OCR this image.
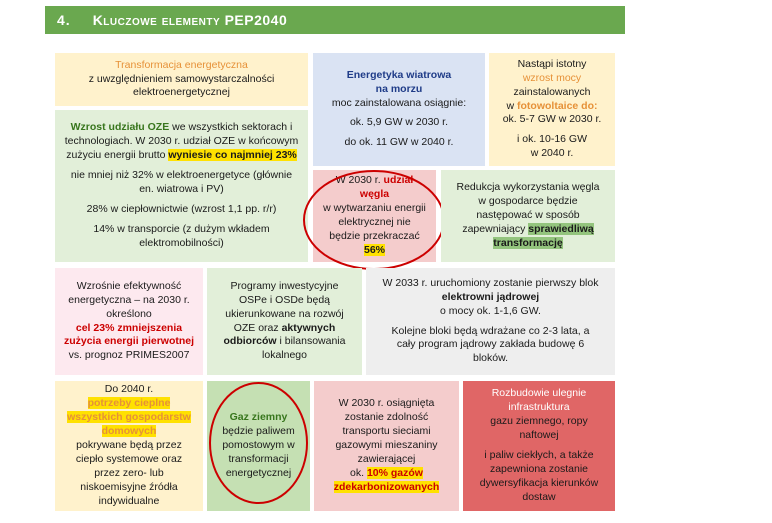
4. Kluczowe elementy PEP2040

Transformacja energetyczna

z uwzględnieniem samowystarczalności elektroenergetycznej

Energetyka wiatrowa

na morzu

moc zainstalowana osiągnie:

ok. 5,9 GW w 2030 r.

do ok. 11 GW w 2040 r.

Nastąpi istotny

wzrost mocy

zainstalowanych

w fotowoltaice do:

ok. 5-7 GW w 2030 r.

i ok. 10-16 GW

w 2040 r.

Wzrost udziału OZE we wszystkich sektorach i technologiach. W 2030 r. udział OZE w końcowym zużyciu energii brutto wyniesie co najmniej 23%

nie mniej niż 32% w elektroenergetyce (głównie en. wiatrowa i PV)

28% w ciepłownictwie (wzrost 1,1 pp. r/r)

14% w transporcie (z dużym wkładem elektromobilności)

W 2030 r. udział węgla

w wytwarzaniu energii elektrycznej nie będzie przekraczać 56%

Redukcja wykorzystania węgla w gospodarce będzie następować w sposób zapewniający sprawiedliwą transformację

Wzrośnie efektywność energetyczna – na 2030 r. określono

cel 23% zmniejszenia zużycia energii pierwotnej

vs. prognoz PRIMES2007

Programy inwestycyjne OSPe i OSDe będą ukierunkowane na rozwój OZE oraz aktywnych odbiorców i bilansowania lokalnego

W 2033 r. uruchomiony zostanie pierwszy blok elektrowni jądrowej

o mocy ok. 1-1,6 GW.

Kolejne bloki będą wdrażane co 2-3 lata, a cały program jądrowy zakłada budowę 6 bloków.

Do 2040 r.

potrzeby cieplne wszystkich gospodarstw domowych

pokrywane będą przez ciepło systemowe oraz przez zero- lub niskoemisyjne źródła indywidualne

Gaz ziemny

będzie paliwem pomostowym w transformacji energetycznej

W 2030 r. osiągnięta zostanie zdolność transportu sieciami gazowymi mieszaniny zawierającej

ok. 10% gazów zdekarbonizowanych

Rozbudowie ulegnie infrastruktura

gazu ziemnego, ropy naftowej

i paliw ciekłych, a także zapewniona zostanie dywersyfikacja kierunków dostaw
